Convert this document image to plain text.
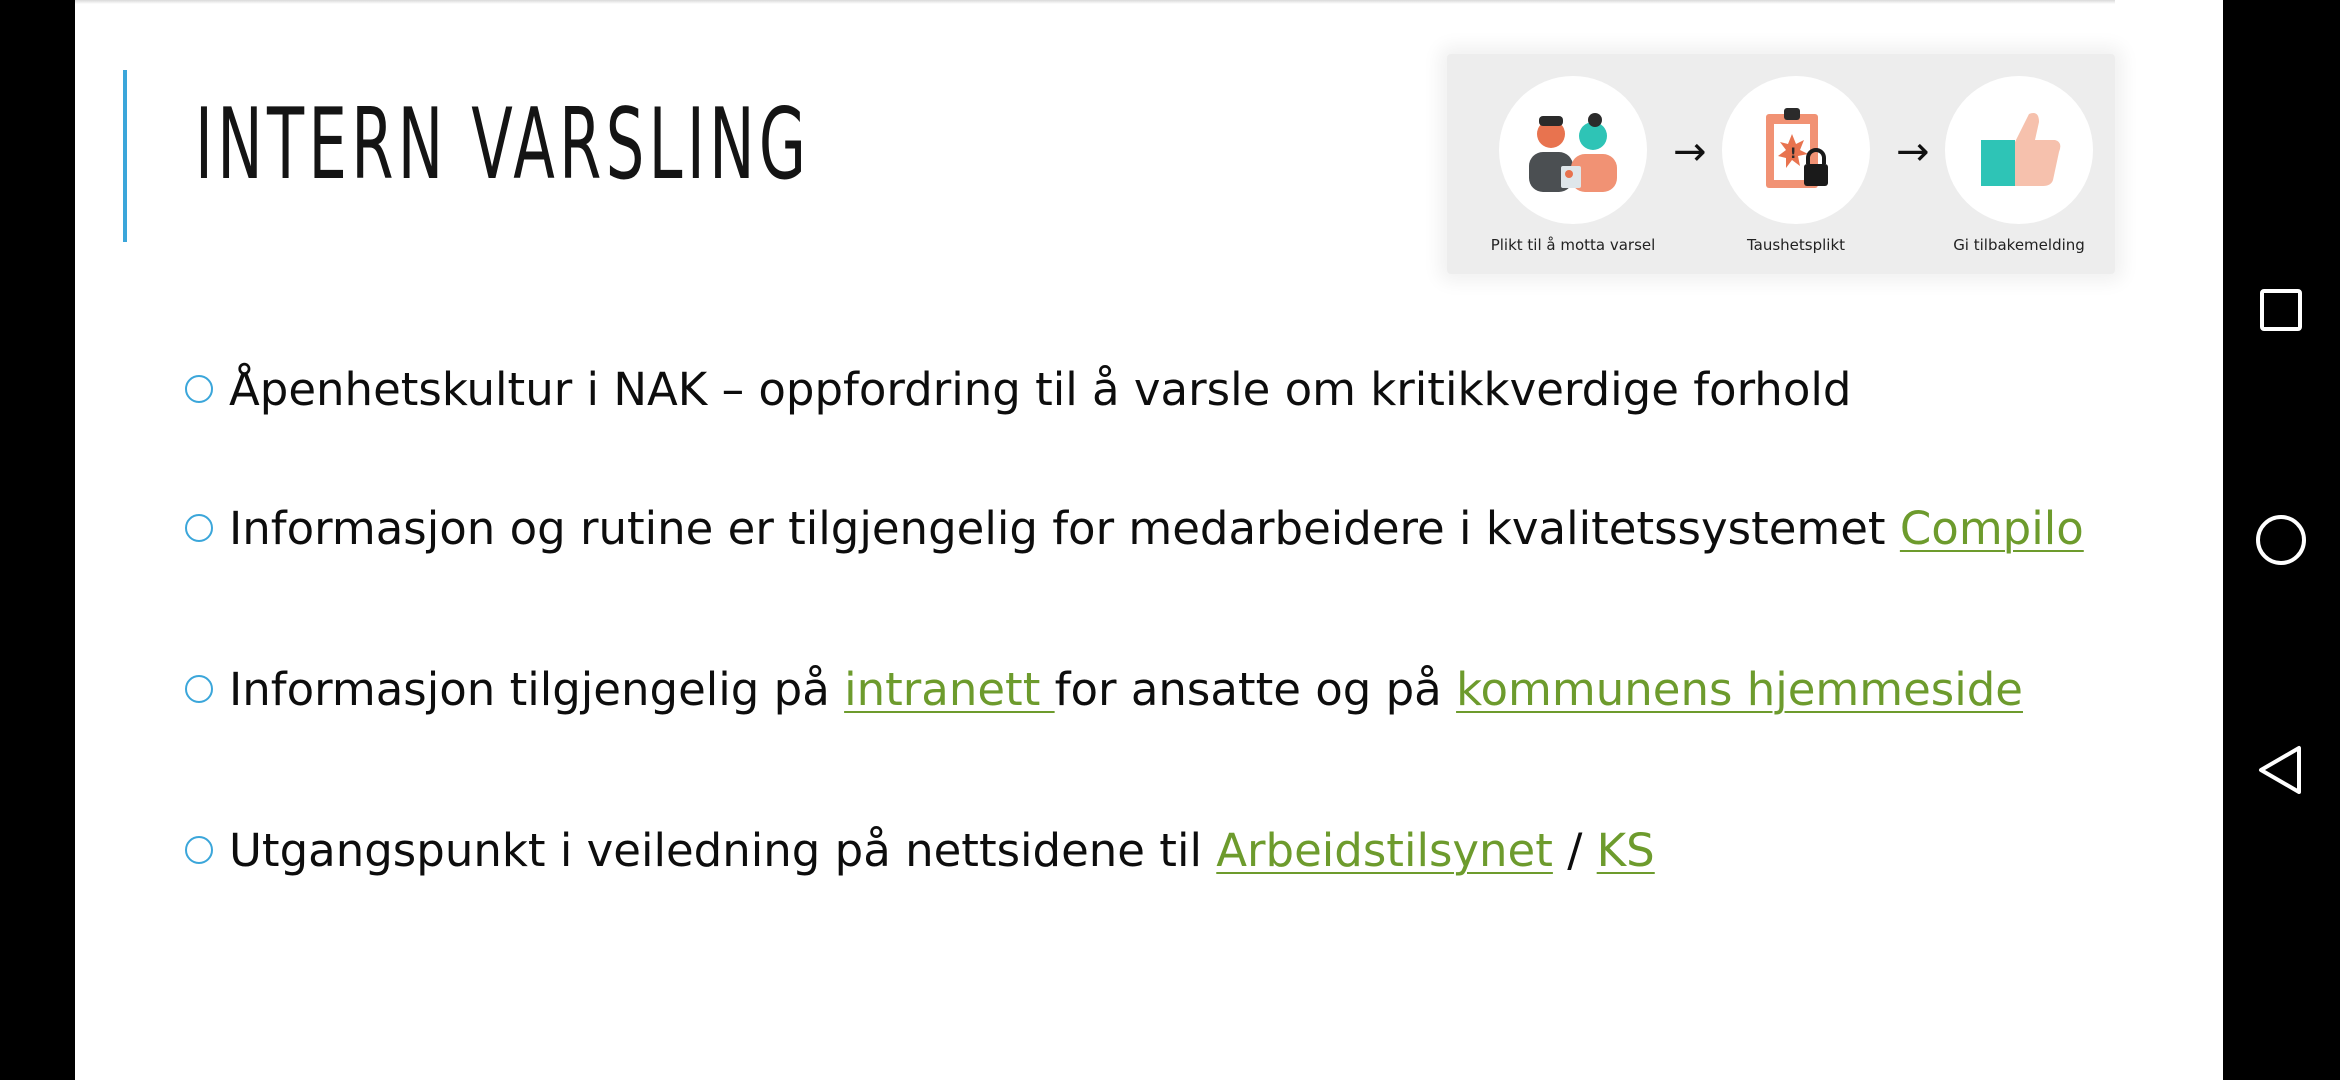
INTERN VARSLING
Plikt til å motta varsel
→	!
Taushetsplikt
→
Gi tilbakemelding
Åpenhetskultur i NAK – oppfordring til å varsle om kritikkverdige forhold
Informasjon og rutine er tilgjengelig for medarbeidere i kvalitetssystemet Compilo
Informasjon tilgjengelig på intranett for ansatte og på kommunens hjemmeside
Utgangspunkt i veiledning på nettsidene til Arbeidstilsynet / KS
